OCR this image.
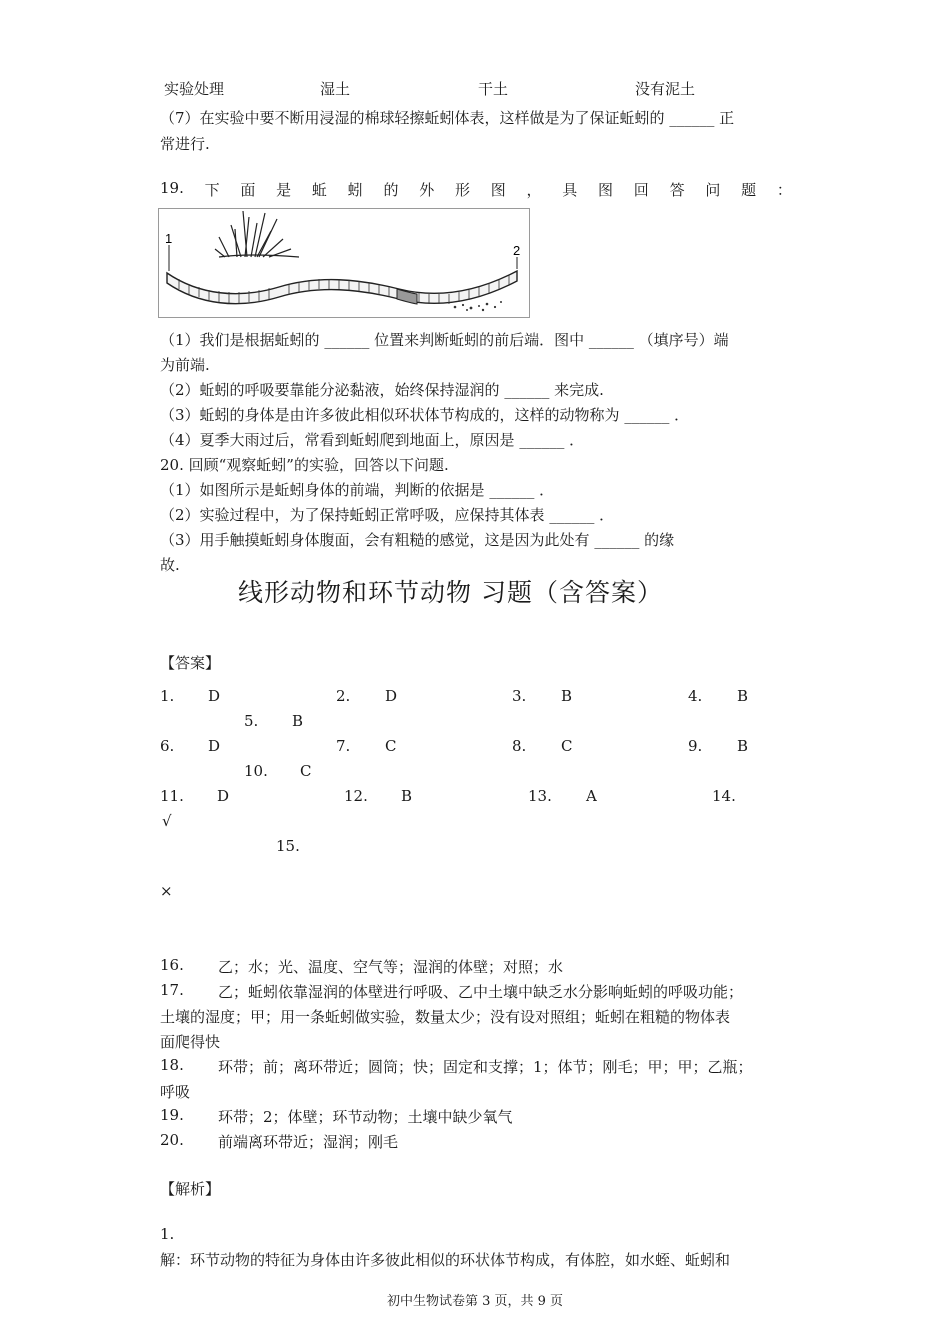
实验处理	湿土	干土	没有泥土
（7）在实验中要不断用浸湿的棉球轻擦蚯蚓体表，这样做是为了保证蚯蚓的 ______ 正
常进行.
19. 下 面 是 蚯 蚓 的 外 形 图 ， 具 图 回 答 问 题 ：
1
2
（1）我们是根据蚯蚓的 ______ 位置来判断蚯蚓的前后端．图中 ______ （填序号）端
为前端.
（2）蚯蚓的呼吸要靠能分泌黏液，始终保持湿润的 ______ 来完成.
（3）蚯蚓的身体是由许多彼此相似环状体节构成的，这样的动物称为 ______ ．
（4）夏季大雨过后，常看到蚯蚓爬到地面上，原因是 ______ ．
20. 回顾“观察蚯蚓”的实验，回答以下问题.
（1）如图所示是蚯蚓身体的前端，判断的依据是 ______ ．
（2）实验过程中，为了保持蚯蚓正常呼吸，应保持其体表 ______ ．
（3）用手触摸蚯蚓身体腹面，会有粗糙的感觉，这是因为此处有 ______ 的缘
故.
线形动物和环节动物 习题（含答案）
【答案】
1. D	2. D	3. B	4. B
5. B
6. D	7. C	8. C	9. B
10. C
11. D	12. B	13. A	14.
√
15.
×
16. 乙；水；光、温度、空气等；湿润的体壁；对照；水
17. 乙；蚯蚓依靠湿润的体壁进行呼吸、乙中土壤中缺乏水分影响蚯蚓的呼吸功能；
土壤的湿度；甲；用一条蚯蚓做实验，数量太少；没有设对照组；蚯蚓在粗糙的物体表
面爬得快
18. 环带；前；离环带近；圆筒；快；固定和支撑；1；体节；刚毛；甲；甲；乙瓶；
呼吸
19. 环带；2；体壁；环节动物；土壤中缺少氧气
20. 前端离环带近；湿润；刚毛
【解析】
1.
解：环节动物的特征为身体由许多彼此相似的环状体节构成，有体腔，如水蛭、蚯蚓和
初中生物试卷第 3 页，共 9 页
